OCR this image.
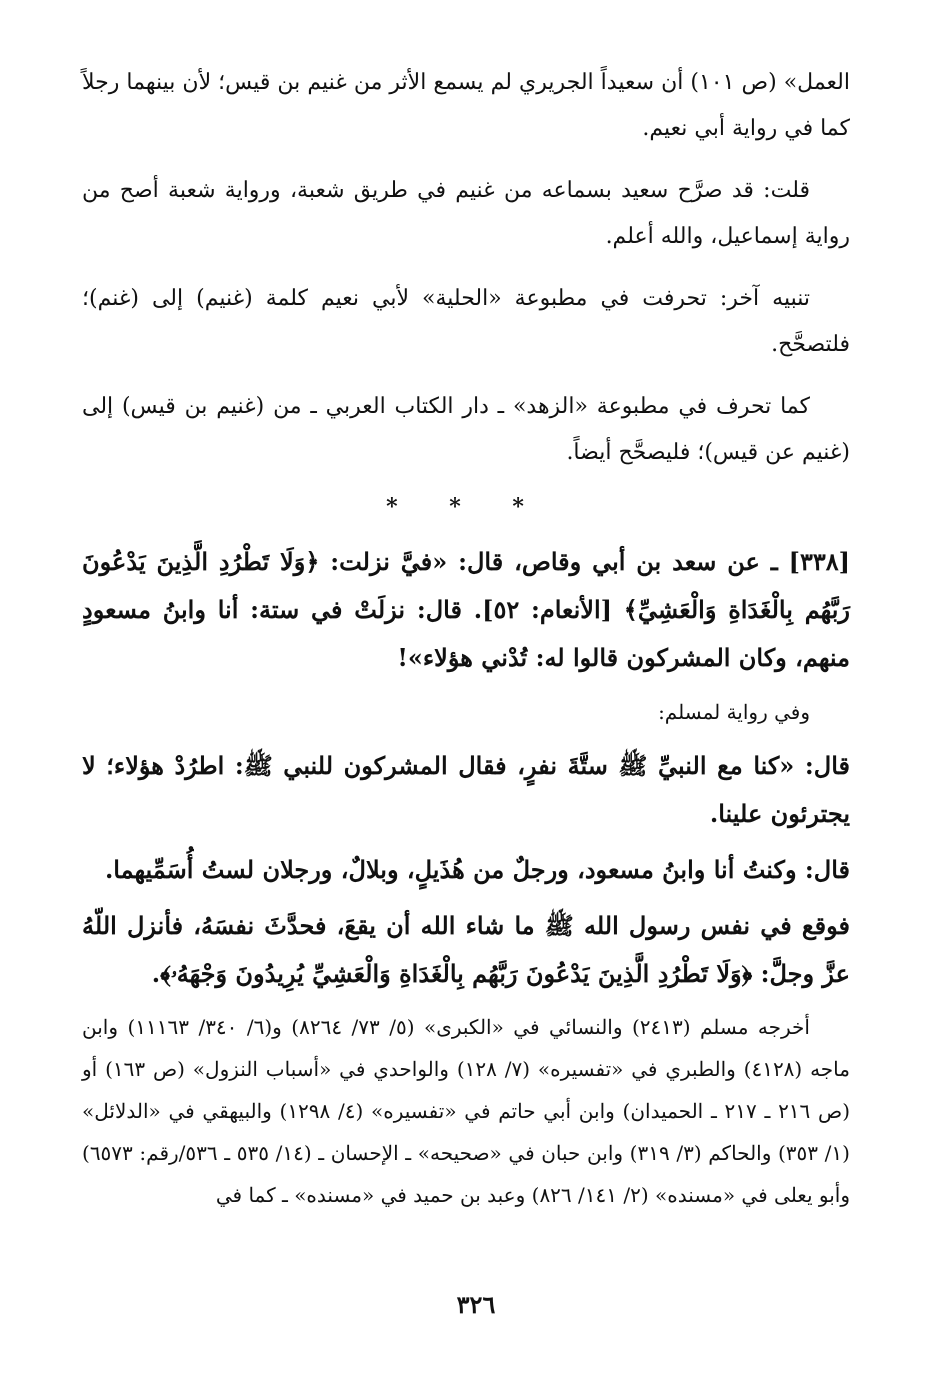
العمل» (ص ١٠١) أن سعيداً الجريري لم يسمع الأثر من غنيم بن قيس؛ لأن بينهما رجلاً كما في رواية أبي نعيم.

قلت: قد صرَّح سعيد بسماعه من غنيم في طريق شعبة، ورواية شعبة أصح من رواية إسماعيل، والله أعلم.

تنبيه آخر: تحرفت في مطبوعة «الحلية» لأبي نعيم كلمة (غنيم) إلى (غنم)؛ فلتصحَّح.

كما تحرف في مطبوعة «الزهد» ـ دار الكتاب العربي ـ من (غنيم بن قيس) إلى (غنيم عن قيس)؛ فليصحَّح أيضاً.

* * *

[٣٣٨] ـ عن سعد بن أبي وقاص، قال: «فيَّ نزلت: ﴿وَلَا تَطْرُدِ الَّذِينَ يَدْعُونَ رَبَّهُم بِالْغَدَاةِ وَالْعَشِيِّ﴾ [الأنعام: ٥٢]. قال: نزلَتْ في ستة: أنا وابنُ مسعودٍ منهم، وكان المشركون قالوا له: تُدْني هؤلاء»!

وفي رواية لمسلم:

قال: «كنا مع النبيِّ ﷺ ستَّةَ نفرٍ، فقال المشركون للنبي ﷺ: اطرُدْ هؤلاء؛ لا يجترئون علينا.

قال: وكنتُ أنا وابنُ مسعود، ورجلٌ من هُذَيلٍ، وبلالٌ، ورجلان لستُ أُسَمِّيهما.

فوقع في نفس رسول الله ﷺ ما شاء الله أن يقعَ، فحدَّثَ نفسَهُ، فأنزل اللّهُ عزَّ وجلَّ: ﴿وَلَا تَطْرُدِ الَّذِينَ يَدْعُونَ رَبَّهُم بِالْغَدَاةِ وَالْعَشِيِّ يُرِيدُونَ وَجْهَهُۥ﴾.

أخرجه مسلم (٢٤١٣) والنسائي في «الكبرى» (٥/ ٧٣/ ٨٢٦٤) و(٦/ ٣٤٠/ ١١١٦٣) وابن ماجه (٤١٢٨) والطبري في «تفسيره» (٧/ ١٢٨) والواحدي في «أسباب النزول» (ص ١٦٣) أو (ص ٢١٦ ـ ٢١٧ ـ الحميدان) وابن أبي حاتم في «تفسيره» (٤/ ١٢٩٨) والبيهقي في «الدلائل» (١/ ٣٥٣) والحاكم (٣/ ٣١٩) وابن حبان في «صحيحه» ـ الإحسان ـ (١٤/ ٥٣٥ ـ ٥٣٦/رقم: ٦٥٧٣) وأبو يعلى في «مسنده» (٢/ ١٤١/ ٨٢٦) وعبد بن حميد في «مسنده» ـ كما في

٣٢٦
